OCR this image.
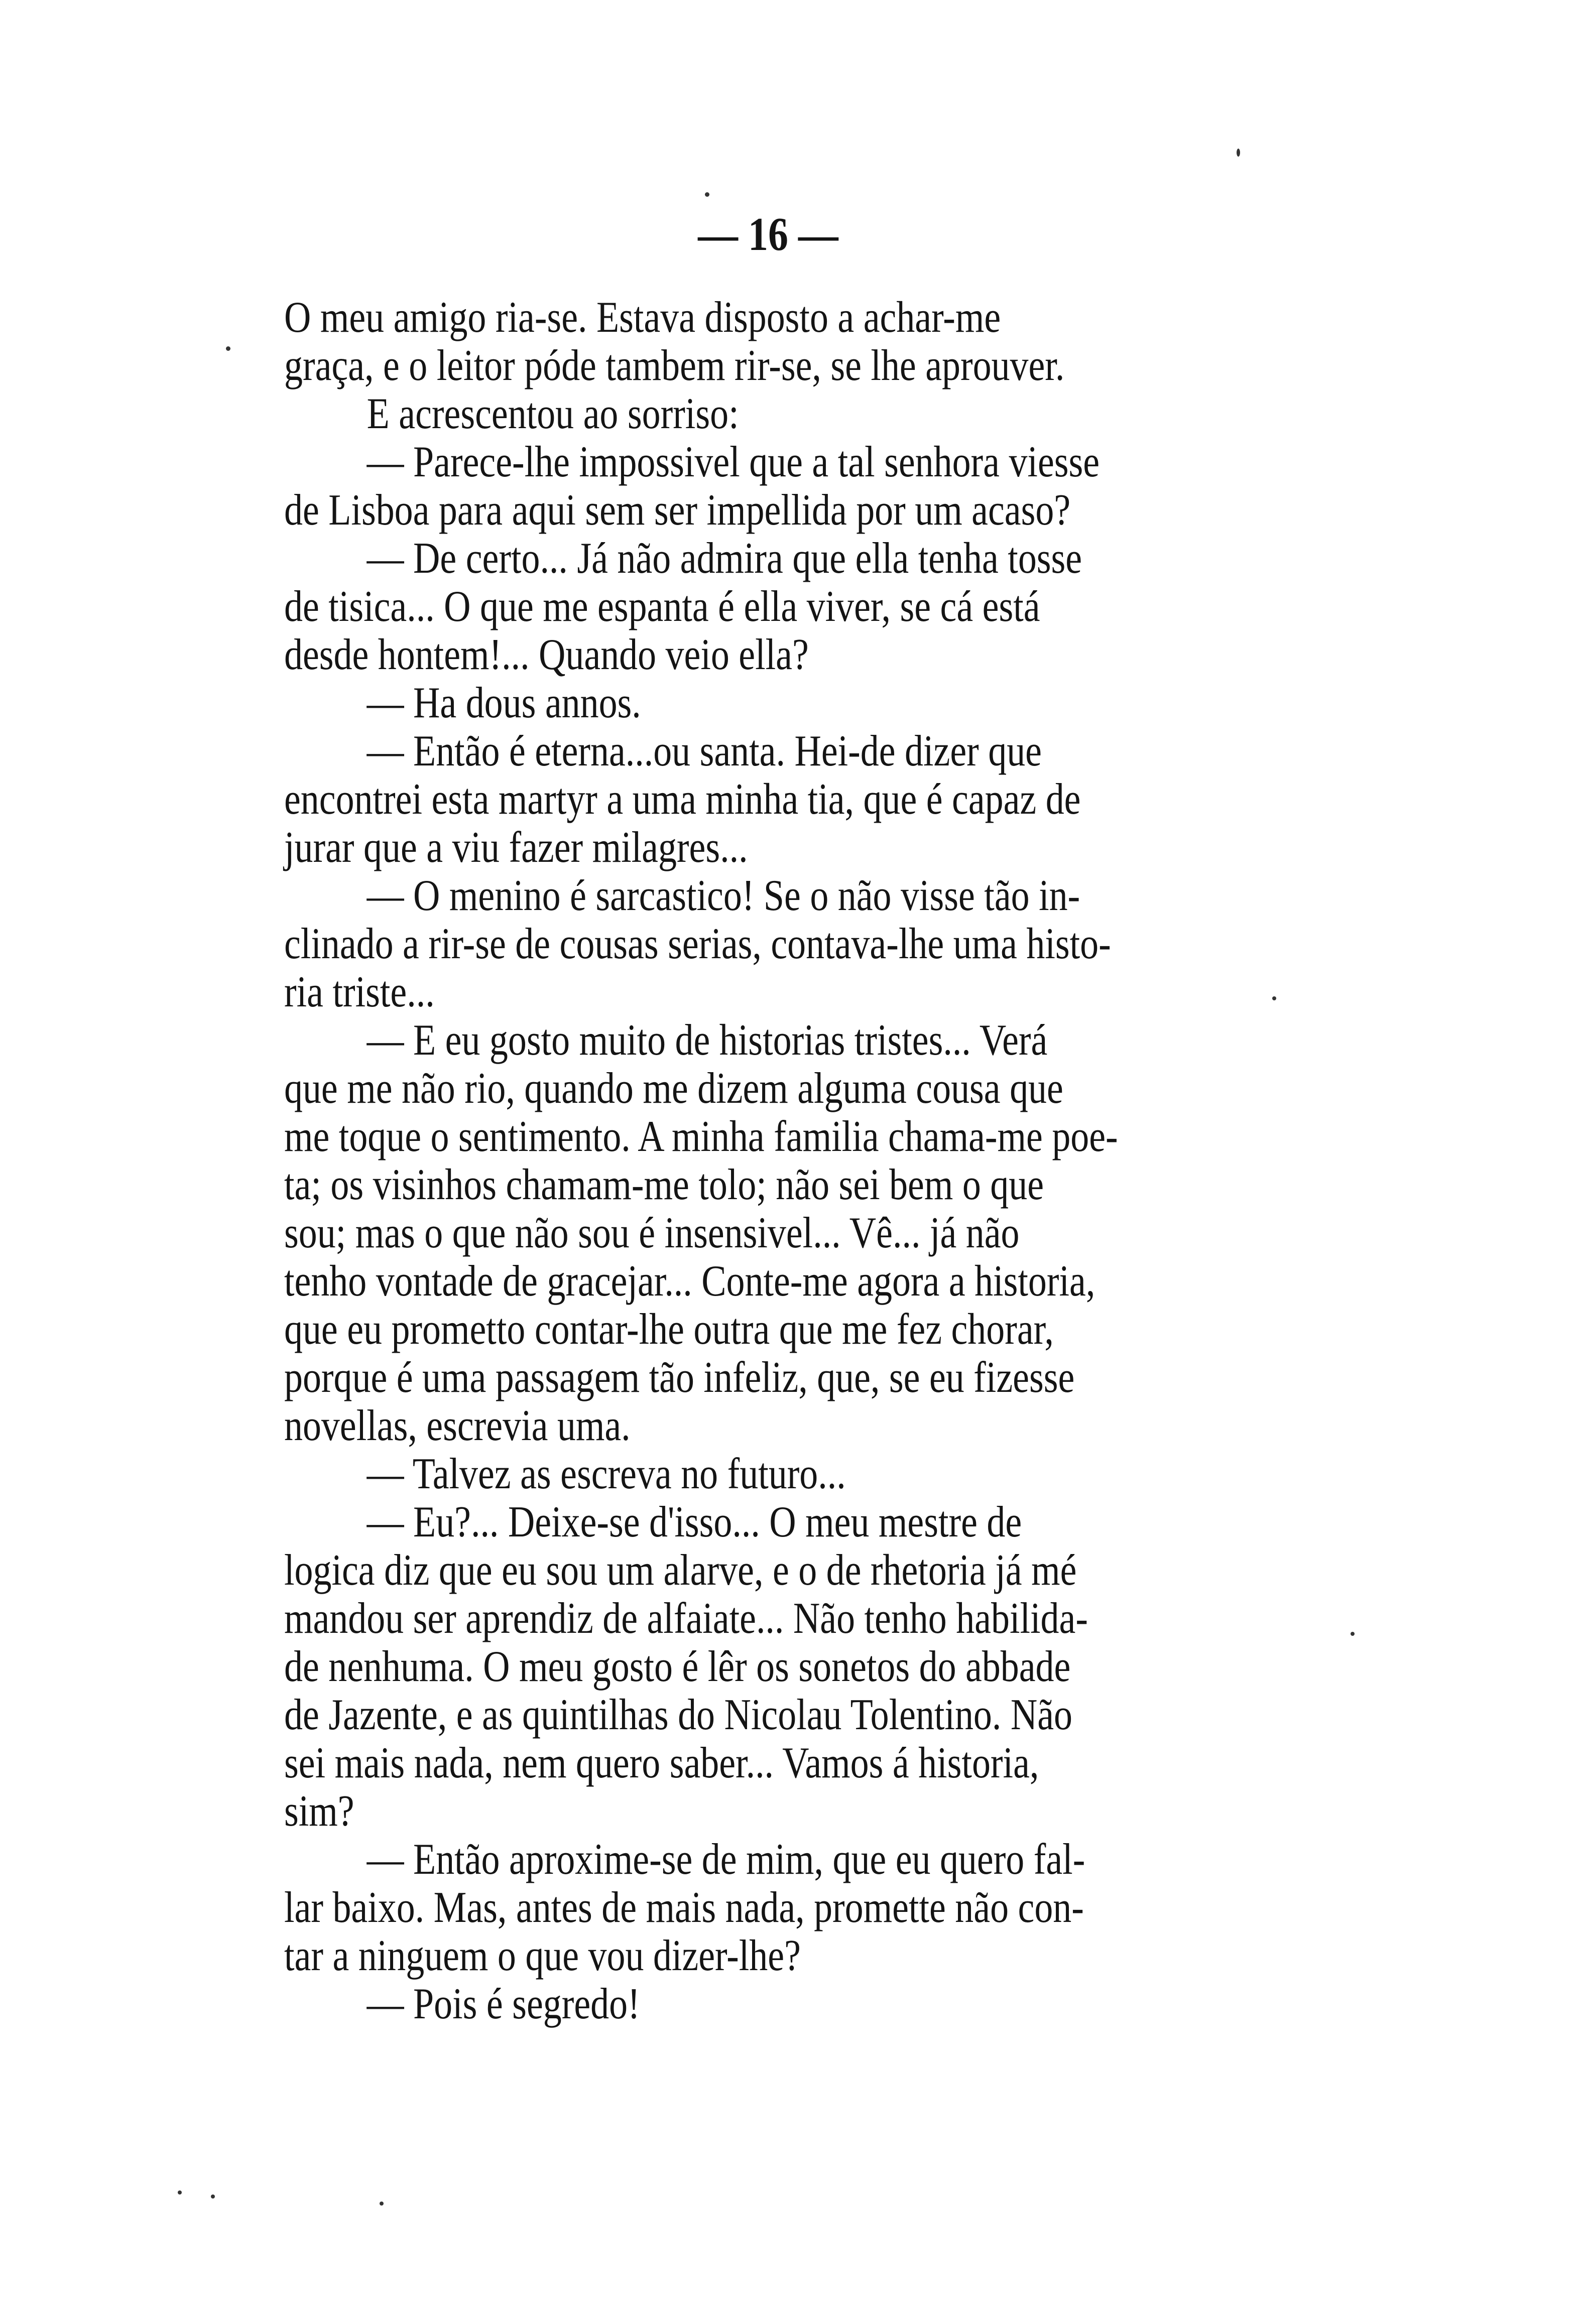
— 16 —
O meu amigo ria-se. Estava disposto a achar-me
graça, e o leitor póde tambem rir-se, se lhe aprouver.
E acrescentou ao sorriso:
— Parece-lhe impossivel que a tal senhora viesse
de Lisboa para aqui sem ser impellida por um acaso?
— De certo... Já não admira que ella tenha tosse
de tisica... O que me espanta é ella viver, se cá está
desde hontem!... Quando veio ella?
— Ha dous annos.
— Então é eterna...ou santa. Hei-de dizer que
encontrei esta martyr a uma minha tia, que é capaz de
jurar que a viu fazer milagres...
— O menino é sarcastico! Se o não visse tão in-
clinado a rir-se de cousas serias, contava-lhe uma histo-
ria triste...
— E eu gosto muito de historias tristes... Verá
que me não rio, quando me dizem alguma cousa que
me toque o sentimento. A minha familia chama-me poe-
ta; os visinhos chamam-me tolo; não sei bem o que
sou; mas o que não sou é insensivel... Vê... já não
tenho vontade de gracejar... Conte-me agora a historia,
que eu prometto contar-lhe outra que me fez chorar,
porque é uma passagem tão infeliz, que, se eu fizesse
novellas, escrevia uma.
— Talvez as escreva no futuro...
— Eu?... Deixe-se d'isso... O meu mestre de
logica diz que eu sou um alarve, e o de rhetoria já mé
mandou ser aprendiz de alfaiate... Não tenho habilida-
de nenhuma. O meu gosto é lêr os sonetos do abbade
de Jazente, e as quintilhas do Nicolau Tolentino. Não
sei mais nada, nem quero saber... Vamos á historia,
sim?
— Então aproxime-se de mim, que eu quero fal-
lar baixo. Mas, antes de mais nada, promette não con-
tar a ninguem o que vou dizer-lhe?
— Pois é segredo!
